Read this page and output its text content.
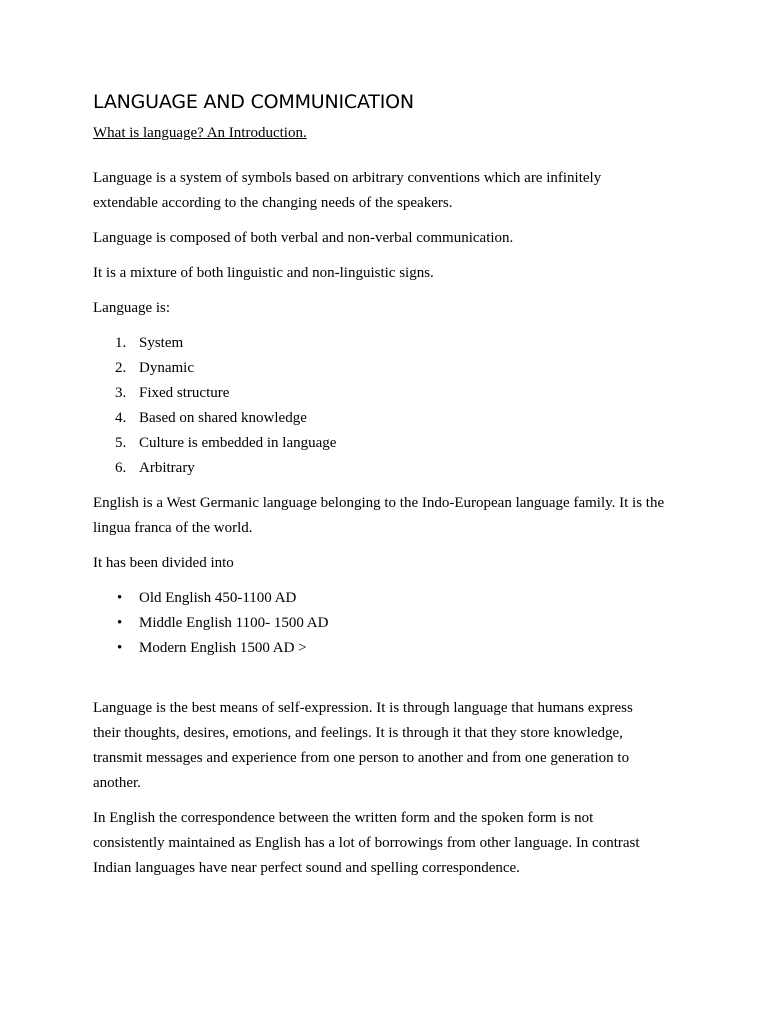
LANGUAGE AND COMMUNICATION

What is language? An Introduction.

Language is a system of symbols based on arbitrary conventions which are infinitely extendable according to the changing needs of the speakers.

Language is composed of both verbal and non-verbal communication.

It is a mixture of both linguistic and non-linguistic signs.

Language is:

1. System
2. Dynamic
3. Fixed structure
4. Based on shared knowledge
5. Culture is embedded in language
6. Arbitrary

English is a West Germanic language belonging to the Indo-European language family. It is the lingua franca of the world.

It has been divided into

• Old English 450-1100 AD
• Middle English 1100- 1500 AD
• Modern English 1500 AD >

Language is the best means of self-expression. It is through language that humans express their thoughts, desires, emotions, and feelings. It is through it that they store knowledge, transmit messages and experience from one person to another and from one generation to another.

In English the correspondence between the written form and the spoken form is not consistently maintained as English has a lot of borrowings from other language. In contrast Indian languages have near perfect sound and spelling correspondence.
